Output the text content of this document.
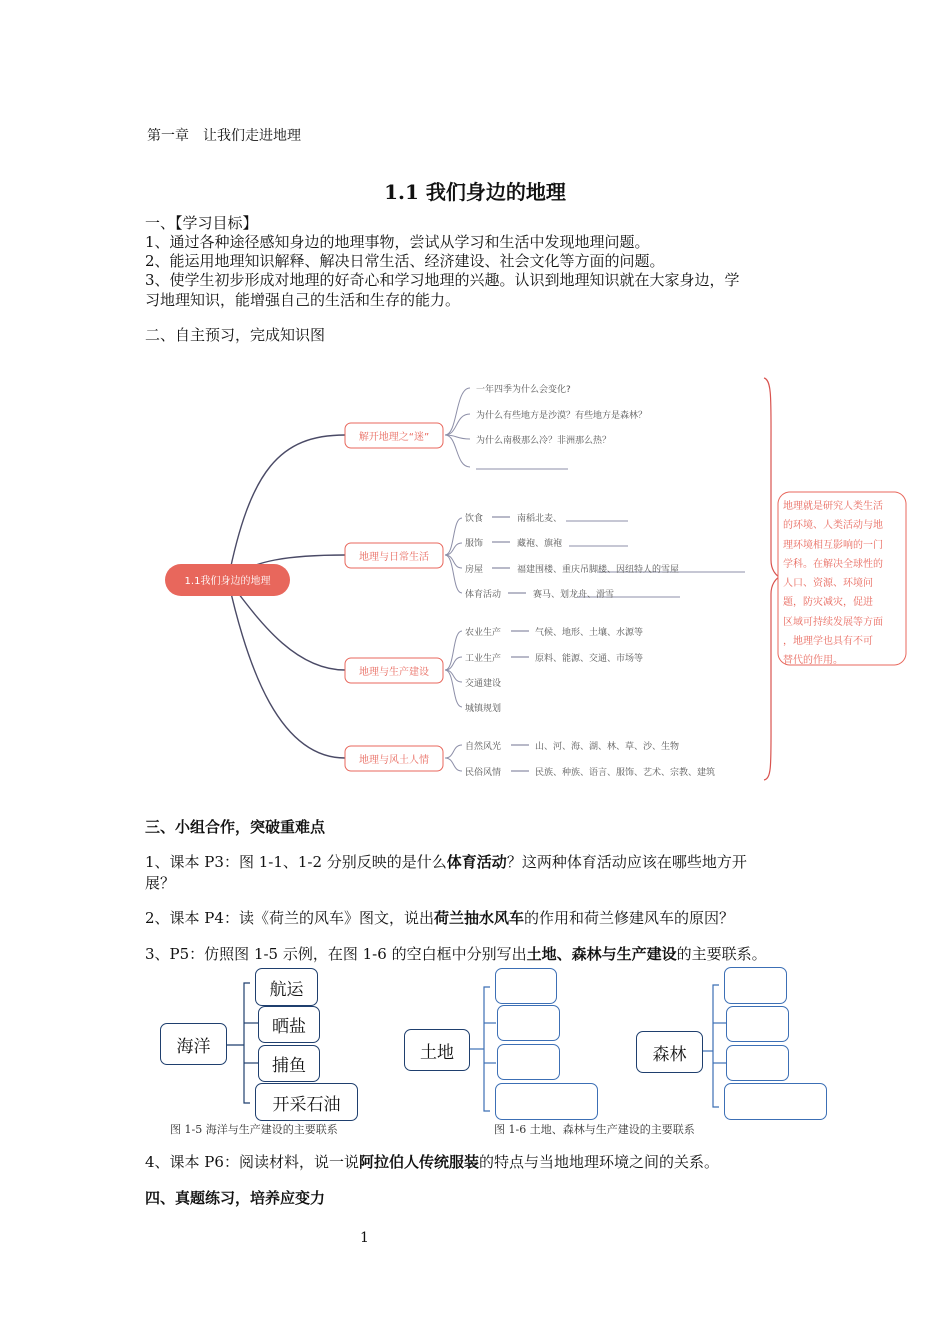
第一章　让我们走进地理
1.1 我们身边的地理
一、【学习目标】
1、通过各种途径感知身边的地理事物，尝试从学习和生活中发现地理问题。
2、能运用地理知识解释、解决日常生活、经济建设、社会文化等方面的问题。
3、使学生初步形成对地理的好奇心和学习地理的兴趣。认识到地理知识就在大家身边，学
习地理知识，能增强自己的生活和生存的能力。
二、自主预习，完成知识图
1.1我们身边的地理
解开地理之“迷”
地理与日常生活
地理与生产建设
地理与风土人情
一年四季为什么会变化?
为什么有些地方是沙漠？有些地方是森林？
为什么南极那么冷？非洲那么热？
饮食	南稻北麦、
服饰	藏袍、旗袍
房屋	福建围楼、重庆吊脚楼、因纽特人的雪屋
体育活动	赛马、划龙舟、滑雪
农业生产	气候、地形、土壤、水源等
工业生产	原料、能源、交通、市场等
交通建设
城镇规划
自然风光	山、河、海、湖、林、草、沙、生物
民俗风情	民族、种族、语言、服饰、艺术、宗教、建筑
地理就是研究人类生活
的环境、人类活动与地
理环境相互影响的一门
学科。在解决全球性的
人口、资源、环境问
题，防灾减灾，促进
区域可持续发展等方面
，地理学也具有不可
替代的作用。
三、小组合作，突破重难点
1、课本 P3：图 1-1、1-2 分别反映的是什么体育活动？这两种体育活动应该在哪些地方开
展？
2、课本 P4：读《荷兰的风车》图文，说出荷兰抽水风车的作用和荷兰修建风车的原因？
3、P5：仿照图 1-5 示例，在图 1-6 的空白框中分别写出土地、森林与生产建设的主要联系。
海洋
航运
晒盐
捕鱼
开采石油
图 1-5 海洋与生产建设的主要联系
土地
图 1-6 土地、森林与生产建设的主要联系
森林
4、课本 P6：阅读材料，说一说阿拉伯人传统服装的特点与当地地理环境之间的关系。
四、真题练习，培养应变力
1
